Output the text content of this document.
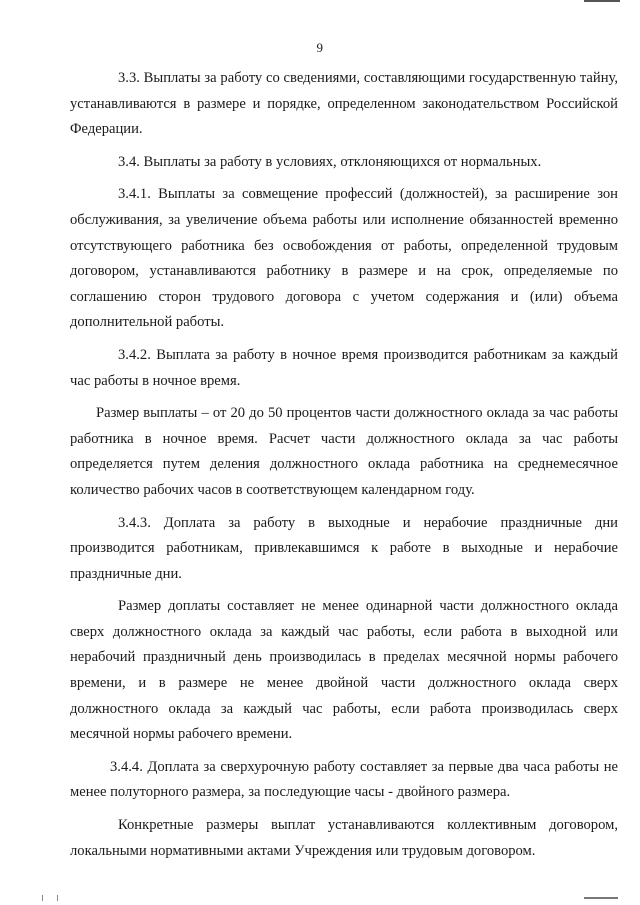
9

3.3. Выплаты за работу со сведениями, составляющими государственную тайну, устанавливаются в размере и порядке, определенном законодательством Российской Федерации.

3.4. Выплаты за работу в условиях, отклоняющихся от нормальных.

3.4.1. Выплаты за совмещение профессий (должностей), за расширение зон обслуживания, за увеличение объема работы или исполнение обязанностей временно отсутствующего работника без освобождения от работы, определенной трудовым договором, устанавливаются работнику в размере и на срок, определяемые по соглашению сторон трудового договора с учетом содержания и (или) объема дополнительной работы.

3.4.2. Выплата за работу в ночное время производится работникам за каждый час работы в ночное время.

Размер выплаты – от 20 до 50 процентов части должностного оклада за час работы работника в ночное время. Расчет части должностного оклада за час работы определяется путем деления должностного оклада работника на среднемесячное количество рабочих часов в соответствующем календарном году.

3.4.3. Доплата за работу в выходные и нерабочие праздничные дни производится работникам, привлекавшимся к работе в выходные и нерабочие праздничные дни.

Размер доплаты составляет не менее одинарной части должностного оклада сверх должностного оклада за каждый час работы, если работа в выходной или нерабочий праздничный день производилась в пределах месячной нормы рабочего времени, и в размере не менее двойной части должностного оклада сверх должностного оклада за каждый час работы, если работа производилась сверх месячной нормы рабочего времени.

3.4.4. Доплата за сверхурочную работу составляет за первые два часа работы не менее полуторного размера, за последующие часы - двойного размера.

Конкретные размеры выплат устанавливаются коллективным договором, локальными нормативными актами Учреждения или трудовым договором.
